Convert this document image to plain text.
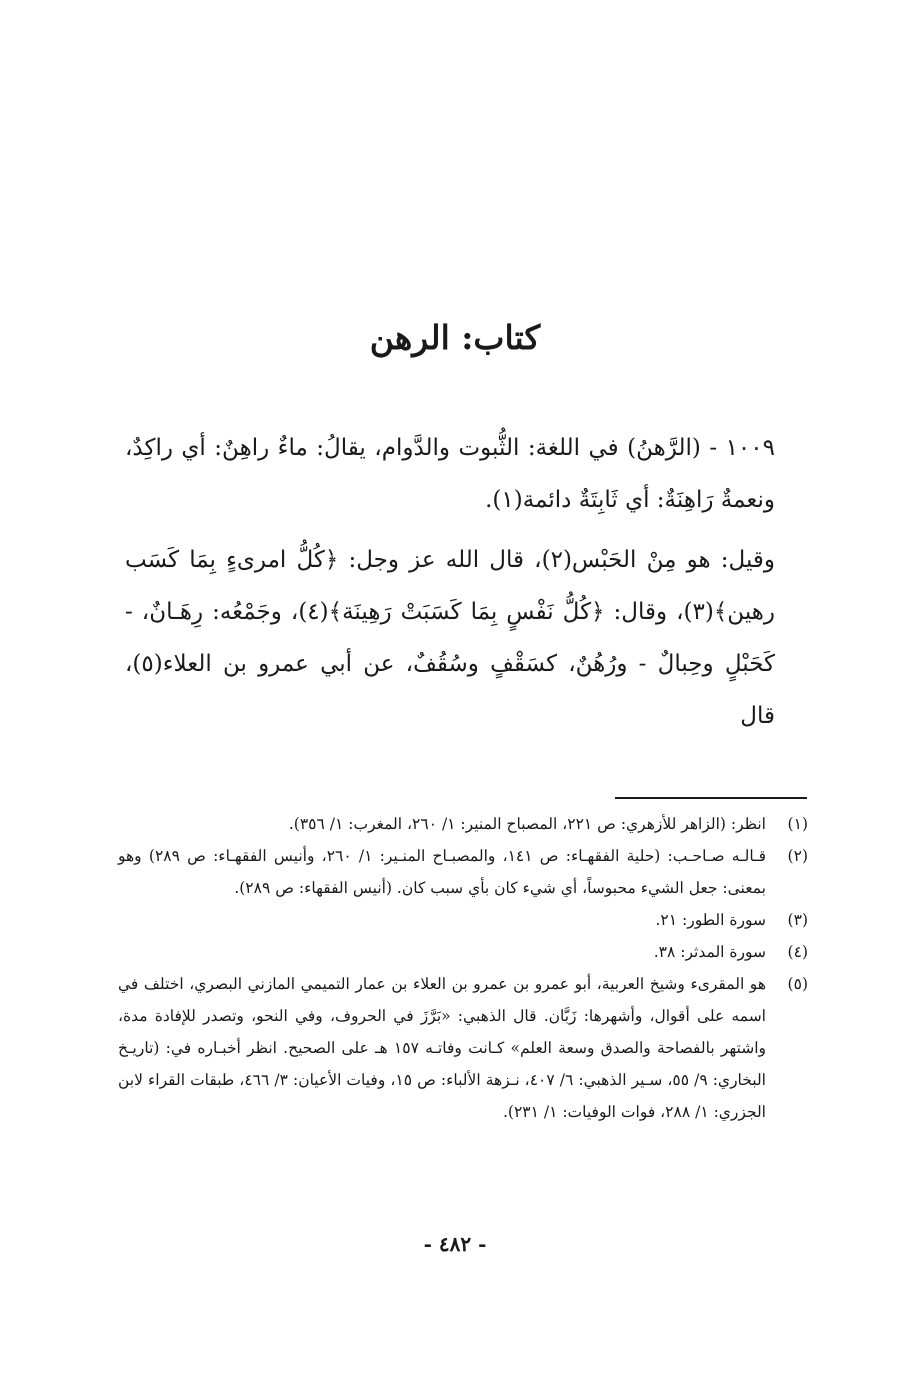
كتاب: الرهن

١٠٠٩ - (الرَّهنُ) في اللغة: الثُّبوت والدَّوام، يقالُ: ماءٌ راهِنٌ: أي راكِدٌ، ونعمةٌ رَاهِنَةٌ: أي ثَابِتَةٌ دائمة(١).

وقيل: هو مِنْ الحَبْس(٢)، قال الله عز وجل: ﴿كُلُّ امرىءٍ بِمَا كَسَب رهين﴾(٣)، وقال: ﴿كُلُّ نَفْسٍ بِمَا كَسَبَتْ رَهِينَة﴾(٤)، وجَمْعُه: رِهَـانٌ، - كَحَبْلٍ وحِبالٌ - ورُهُنٌ، كسَقْفٍ وسُقُفٌ، عن أبي عمرو بن العلاء(٥)، قال

(١)
انظر: (الزاهر للأزهري: ص ٢٢١، المصباح المنير: ١/ ٢٦٠، المغرب: ١/ ٣٥٦).
(٢)
قـالـه صـاحـب: (حلية الفقهـاء: ص ١٤١، والمصبـاح المنـير: ١/ ٢٦٠، وأنيس الفقهـاء: ص ٢٨٩) وهو بمعنى: جعل الشيء محبوساً، أي شيء كان بأي سبب كان. (أنيس الفقهاء: ص ٢٨٩).
(٣)
سورة الطور: ٢١.
(٤)
سورة المدثر: ٣٨.
(٥)
هو المقرىء وشيخ العربية، أبو عمرو بن عمرو بن العلاء بن عمار التميمي المازني البصري، اختلف في اسمه على أقوال، وأشهرها: زَبَّان. قال الذهبي: «بَرَّزَ في الحروف، وفي النحو، وتصدر للإفادة مدة، واشتهر بالفصاحة والصدق وسعة العلم» كـانت وفاتـه ١٥٧ هـ على الصحيح. انظر أخبـاره في: (تاريـخ البخاري: ٩/ ٥٥، سـير الذهبي: ٦/ ٤٠٧، نـزهة الألباء: ص ١٥، وفيات الأعيان: ٣/ ٤٦٦، طبقات القراء لابن الجزري: ١/ ٢٨٨، فوات الوفيات: ١/ ٢٣١).
- ٤٨٢ -
